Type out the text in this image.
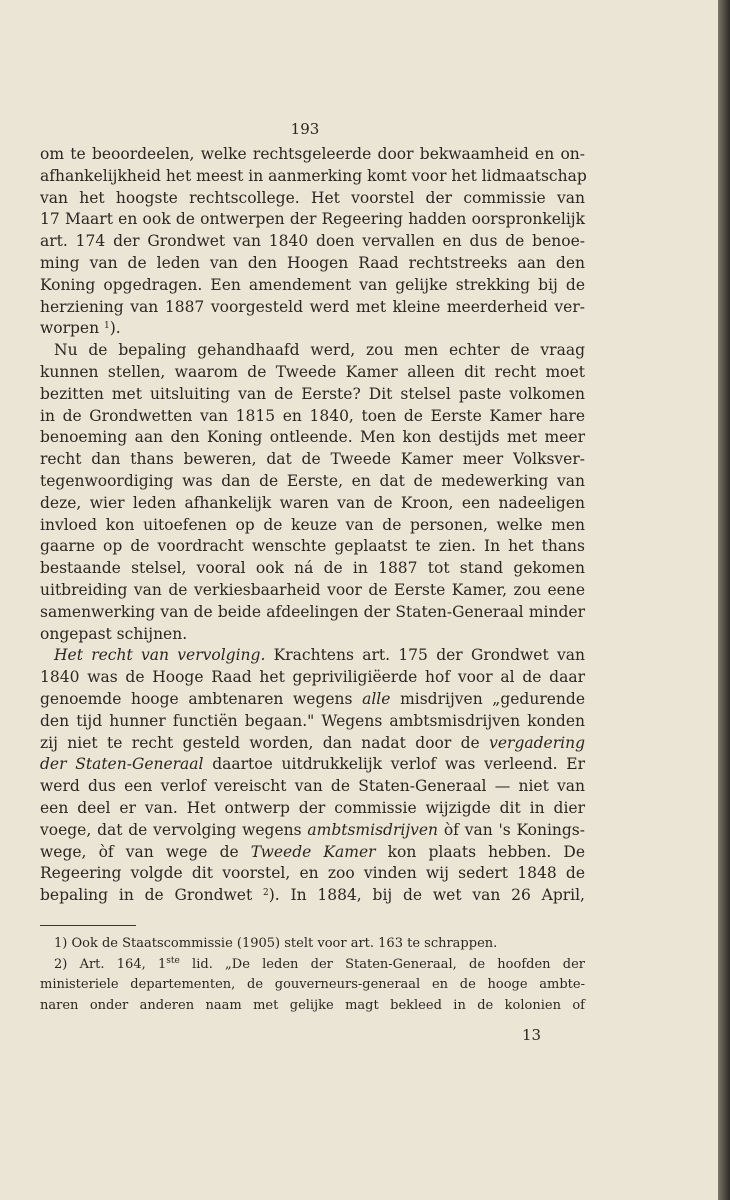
193
om te beoordeelen, welke rechtsgeleerde door bekwaamheid en on-
afhankelijkheid het meest in aanmerking komt voor het lidmaatschap
van het hoogste rechtscollege. Het voorstel der commissie van
17 Maart en ook de ontwerpen der Regeering hadden oorspronkelijk
art. 174 der Grondwet van 1840 doen vervallen en dus de benoe-
ming van de leden van den Hoogen Raad rechtstreeks aan den
Koning opgedragen. Een amendement van gelijke strekking bij de
herziening van 1887 voorgesteld werd met kleine meerderheid ver-
worpen $^1$).
Nu de bepaling gehandhaafd werd, zou men echter de vraag
kunnen stellen, waarom de Tweede Kamer alleen dit recht moet
bezitten met uitsluiting van de Eerste? Dit stelsel paste volkomen
in de Grondwetten van 1815 en 1840, toen de Eerste Kamer hare
benoeming aan den Koning ontleende. Men kon destijds met meer
recht dan thans beweren, dat de Tweede Kamer meer Volksver-
tegenwoordiging was dan de Eerste, en dat de medewerking van
deze, wier leden afhankelijk waren van de Kroon, een nadeeligen
invloed kon uitoefenen op de keuze van de personen, welke men
gaarne op de voordracht wenschte geplaatst te zien. In het thans
bestaande stelsel, vooral ook ná de in 1887 tot stand gekomen
uitbreiding van de verkiesbaarheid voor de Eerste Kamer, zou eene
samenwerking van de beide afdeelingen der Staten-Generaal minder
ongepast schijnen.
Het recht van vervolging. Krachtens art. 175 der Grondwet van
1840 was de Hooge Raad het gepriviligiëerde hof voor al de daar
genoemde hooge ambtenaren wegens alle misdrijven „gedurende
den tijd hunner functiën begaan." Wegens ambtsmisdrijven konden
zij niet te recht gesteld worden, dan nadat door de vergadering
der Staten-Generaal daartoe uitdrukkelijk verlof was verleend. Er
werd dus een verlof vereischt van de Staten-Generaal — niet van
een deel er van. Het ontwerp der commissie wijzigde dit in dier
voege, dat de vervolging wegens ambtsmisdrijven òf van 's Konings-
wege, òf van wege de Tweede Kamer kon plaats hebben. De
Regeering volgde dit voorstel, en zoo vinden wij sedert 1848 de
bepaling in de Grondwet $^2$). In 1884, bij de wet van 26 April,
1) Ook de Staatscommissie (1905) stelt voor art. 163 te schrappen.
2) Art. 164, 1ste lid. „De leden der Staten-Generaal, de hoofden der
ministeriele departementen, de gouverneurs-generaal en de hooge ambte-
naren onder anderen naam met gelijke magt bekleed in de kolonien of
13
